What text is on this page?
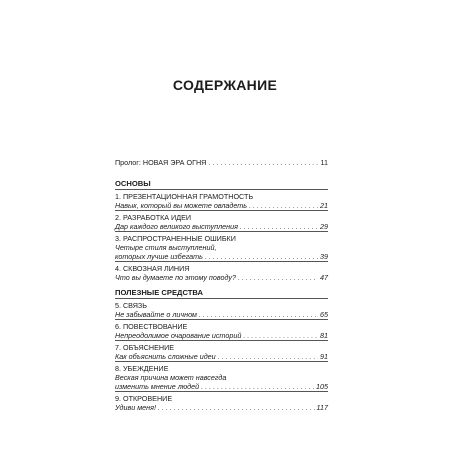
СОДЕРЖАНИЕ
Пролог: НОВАЯ ЭРА ОГНЯ . . .	11
ОСНОВЫ
1. ПРЕЗЕНТАЦИОННАЯ ГРАМОТНОСТЬ
Навык, который вы можете овладеть . . .	21
2. РАЗРАБОТКА ИДЕИ
Дар каждого великого выступления . . .	29
3. РАСПРОСТРАНЕННЫЕ ОШИБКИ
Четыре стиля выступлений,
которых лучше избегать . . .	39
4. СКВОЗНАЯ ЛИНИЯ
Что вы думаете по этому поводу? . . .	47
ПОЛЕЗНЫЕ СРЕДСТВА
5. СВЯЗЬ
Не забывайте о личном . . .	65
6. ПОВЕСТВОВАНИЕ
Непреодолимое очарование историй . . .	81
7. ОБЪЯСНЕНИЕ
Как объяснить сложные идеи . . .	91
8. УБЕЖДЕНИЕ
Веская причина может навсегда
изменить мнение людей . . .	105
9. ОТКРОВЕНИЕ
Удиви меня! . . .	117
